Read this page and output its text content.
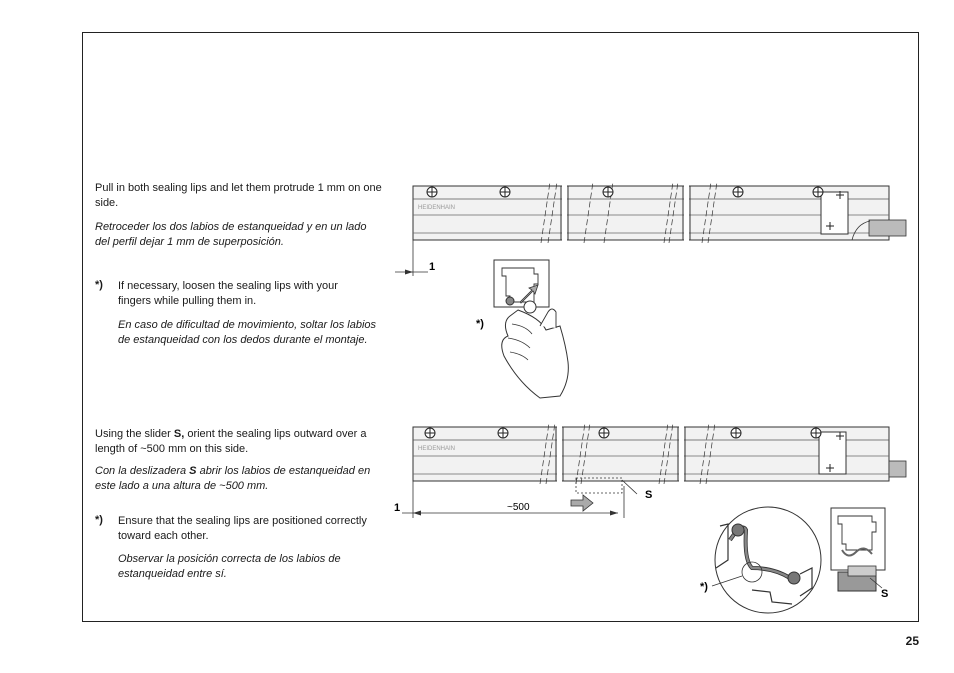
Pull in both sealing lips and let them protrude 1 mm on one side.
Retroceder los dos labios de estanqueidad y en un lado del perfil dejar 1 mm de superposición.
*) If necessary, loosen the sealing lips with your fingers while pulling them in.
En caso de dificultad de movimiento, soltar los labios de estanqueidad con los dedos durante el montaje.
Using the slider S, orient the sealing lips outward over a length of ~500 mm on this side.
Con la deslizadera S abrir los labios de estanqueidad en este lado a una altura de ~500 mm.
*) Ensure that the sealing lips are positioned correctly toward each other.
Observar la posición correcta de los labios de estanqueidad entre sí.
HEIDENHAIN
1
*)
HEIDENHAIN
S
1	~500
*)
S
25
